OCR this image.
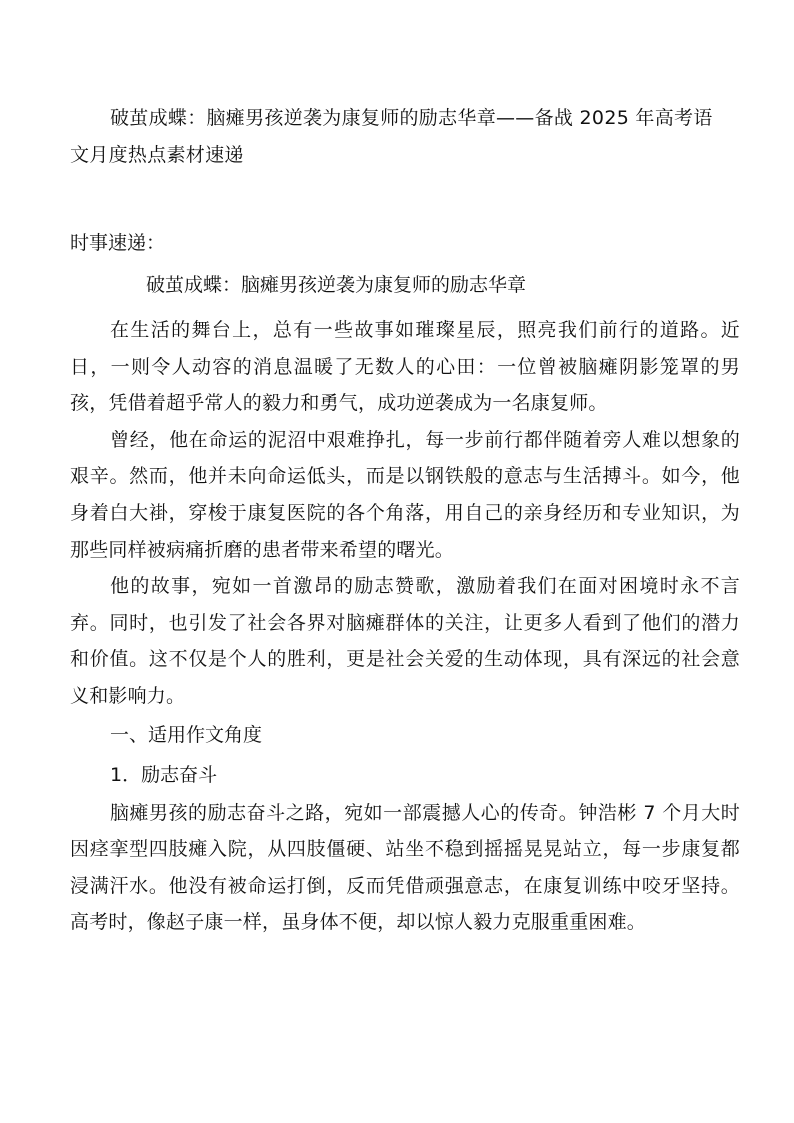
破茧成蝶：脑瘫男孩逆袭为康复师的励志华章——备战 2025 年高考语文月度热点素材速递
时事速递：
破茧成蝶：脑瘫男孩逆袭为康复师的励志华章

在生活的舞台上，总有一些故事如璀璨星辰，照亮我们前行的道路。近日，一则令人动容的消息温暖了无数人的心田：一位曾被脑瘫阴影笼罩的男孩，凭借着超乎常人的毅力和勇气，成功逆袭成为一名康复师。

曾经，他在命运的泥沼中艰难挣扎，每一步前行都伴随着旁人难以想象的艰辛。然而，他并未向命运低头，而是以钢铁般的意志与生活搏斗。如今，他身着白大褂，穿梭于康复医院的各个角落，用自己的亲身经历和专业知识，为那些同样被病痛折磨的患者带来希望的曙光。

他的故事，宛如一首激昂的励志赞歌，激励着我们在面对困境时永不言弃。同时，也引发了社会各界对脑瘫群体的关注，让更多人看到了他们的潜力和价值。这不仅是个人的胜利，更是社会关爱的生动体现，具有深远的社会意义和影响力。

一、适用作文角度

1．励志奋斗

脑瘫男孩的励志奋斗之路，宛如一部震撼人心的传奇。钟浩彬 7 个月大时因痉挛型四肢瘫入院，从四肢僵硬、站坐不稳到摇摇晃晃站立，每一步康复都浸满汗水。他没有被命运打倒，反而凭借顽强意志，在康复训练中咬牙坚持。高考时，像赵子康一样，虽身体不便，却以惊人毅力克服重重困难。
